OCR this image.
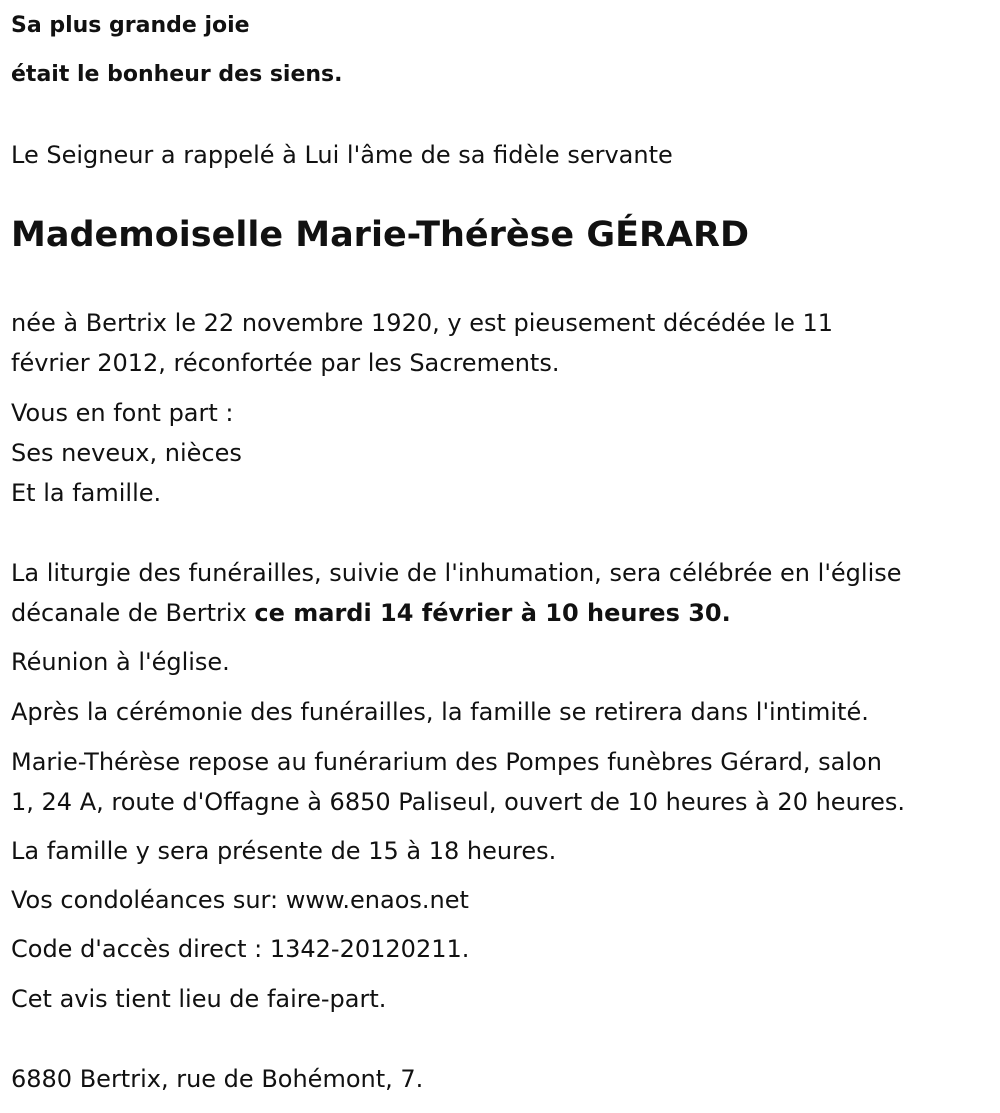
Sa plus grande joie
était le bonheur des siens.
Le Seigneur a rappelé à Lui l'âme de sa fidèle servante
Mademoiselle Marie-Thérèse GÉRARD
née à Bertrix le 22 novembre 1920, y est pieusement décédée le 11
février 2012, réconfortée par les Sacrements.
Vous en font part :
Ses neveux, nièces
Et la famille.
La liturgie des funérailles, suivie de l'inhumation, sera célébrée en l'église
décanale de Bertrix ce mardi 14 février à 10 heures 30.
Réunion à l'église.
Après la cérémonie des funérailles, la famille se retirera dans l'intimité.
Marie-Thérèse repose au funérarium des Pompes funèbres Gérard, salon
1, 24 A, route d'Offagne à 6850 Paliseul, ouvert de 10 heures à 20 heures.
La famille y sera présente de 15 à 18 heures.
Vos condoléances sur: www.enaos.net
Code d'accès direct : 1342-20120211.
Cet avis tient lieu de faire-part.
6880 Bertrix, rue de Bohémont, 7.
